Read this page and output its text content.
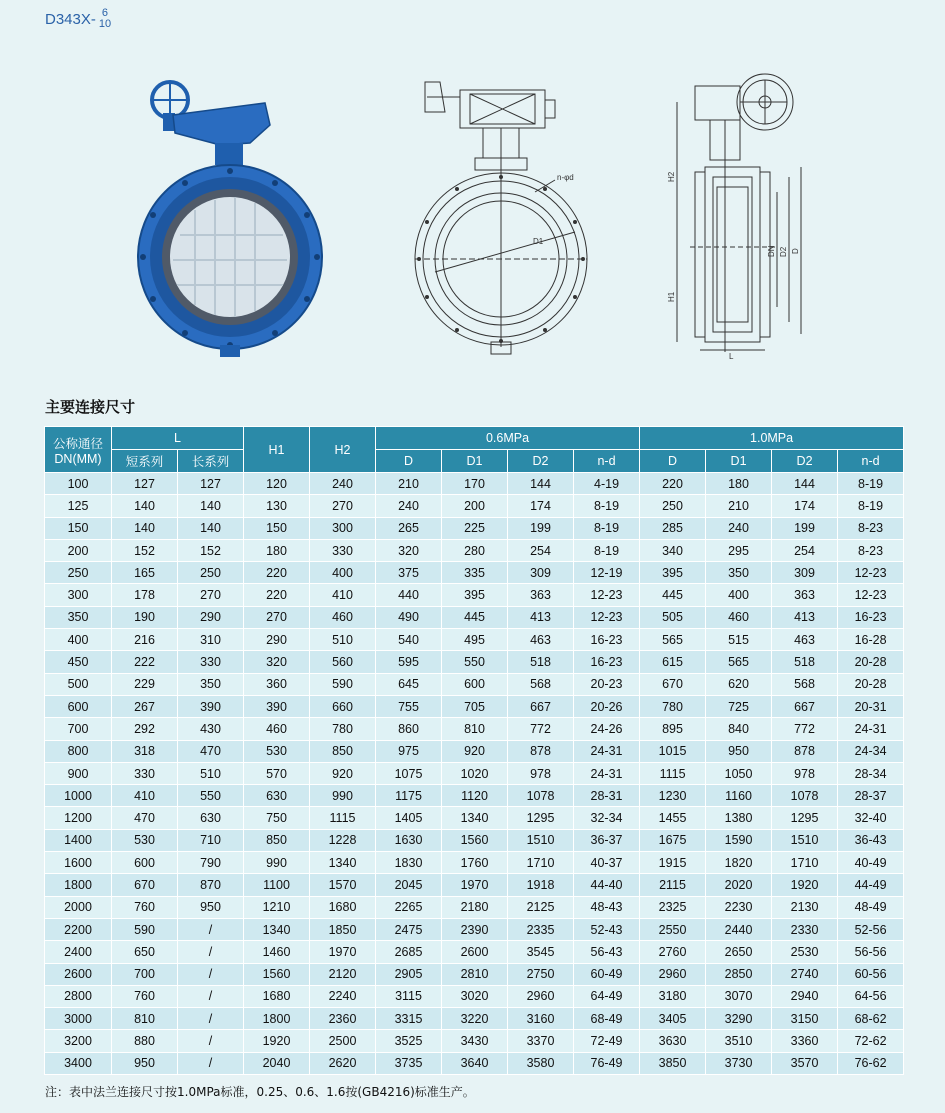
D343X- 6
10
n-φd
D1
H2
H1
DN D2 D
L
主要连接尺寸
公称通径
DN(MM)	L		H1	H2	0.6MPa				1.0MPa			
	短系列	长系列			D	D1	D2	n-d	D	D1	D2	n-d
100	127	127	120	240	210	170	144	4-19	220	180	144	8-19
125	140	140	130	270	240	200	174	8-19	250	210	174	8-19
150	140	140	150	300	265	225	199	8-19	285	240	199	8-23
200	152	152	180	330	320	280	254	8-19	340	295	254	8-23
250	165	250	220	400	375	335	309	12-19	395	350	309	12-23
300	178	270	220	410	440	395	363	12-23	445	400	363	12-23
350	190	290	270	460	490	445	413	12-23	505	460	413	16-23
400	216	310	290	510	540	495	463	16-23	565	515	463	16-28
450	222	330	320	560	595	550	518	16-23	615	565	518	20-28
500	229	350	360	590	645	600	568	20-23	670	620	568	20-28
600	267	390	390	660	755	705	667	20-26	780	725	667	20-31
700	292	430	460	780	860	810	772	24-26	895	840	772	24-31
800	318	470	530	850	975	920	878	24-31	1015	950	878	24-34
900	330	510	570	920	1075	1020	978	24-31	1115	1050	978	28-34
1000	410	550	630	990	1175	1120	1078	28-31	1230	1160	1078	28-37
1200	470	630	750	1115	1405	1340	1295	32-34	1455	1380	1295	32-40
1400	530	710	850	1228	1630	1560	1510	36-37	1675	1590	1510	36-43
1600	600	790	990	1340	1830	1760	1710	40-37	1915	1820	1710	40-49
1800	670	870	1100	1570	2045	1970	1918	44-40	2115	2020	1920	44-49
2000	760	950	1210	1680	2265	2180	2125	48-43	2325	2230	2130	48-49
2200	590	/	1340	1850	2475	2390	2335	52-43	2550	2440	2330	52-56
2400	650	/	1460	1970	2685	2600	3545	56-43	2760	2650	2530	56-56
2600	700	/	1560	2120	2905	2810	2750	60-49	2960	2850	2740	60-56
2800	760	/	1680	2240	3115	3020	2960	64-49	3180	3070	2940	64-56
3000	810	/	1800	2360	3315	3220	3160	68-49	3405	3290	3150	68-62
3200	880	/	1920	2500	3525	3430	3370	72-49	3630	3510	3360	72-62
3400	950	/	2040	2620	3735	3640	3580	76-49	3850	3730	3570	76-62
注：表中法兰连接尺寸按1.0MPa标准，0.25、0.6、1.6按(GB4216)标准生产。
